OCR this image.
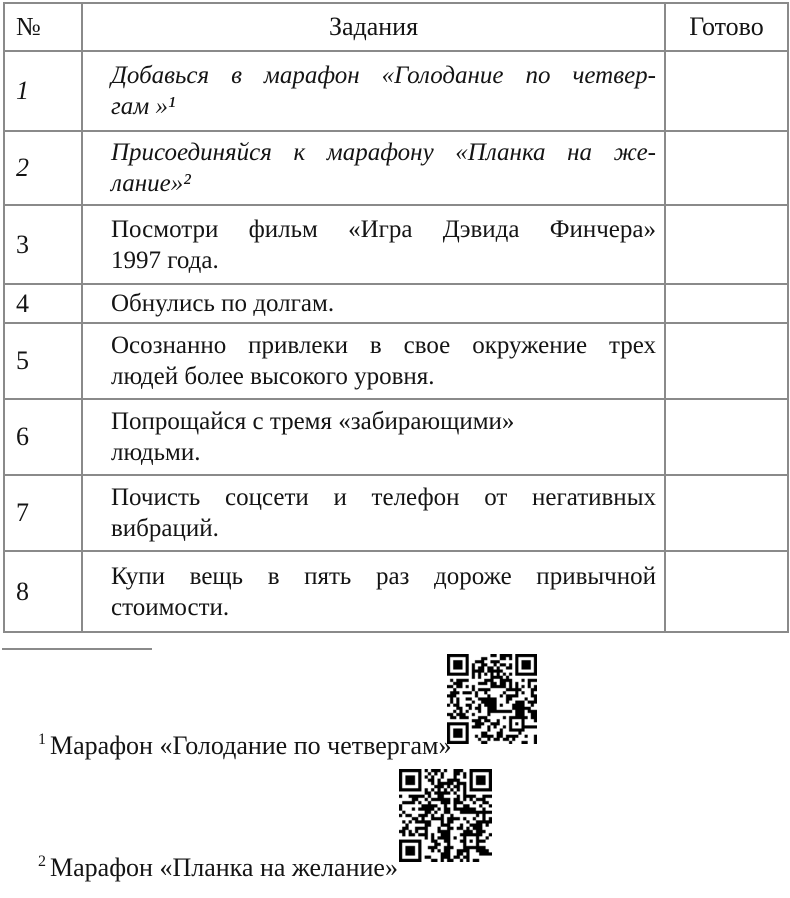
№	Задания	Готово
1	Добавься в марафон «Голодание по четвер-
гам »¹	

2	Присоединяйся к марафону «Планка на же-
лание»²	

3	Посмотри фильм «Игра Дэвида Финчера»
1997 года.	

4	Обнулись по долгам.	

5	Осознанно привлеки в свое окружение трех
людей более высокого уровня.	

6	Попрощайся с тремя «забирающими»
людьми.	

7	Почисть соцсети и телефон от негативных
вибраций.	

8	Купи вещь в пять раз дороже привычной
стоимости.	

$^1$ Марафон «Голодание по четвергам»
$^2$ Марафон «Планка на желание»
